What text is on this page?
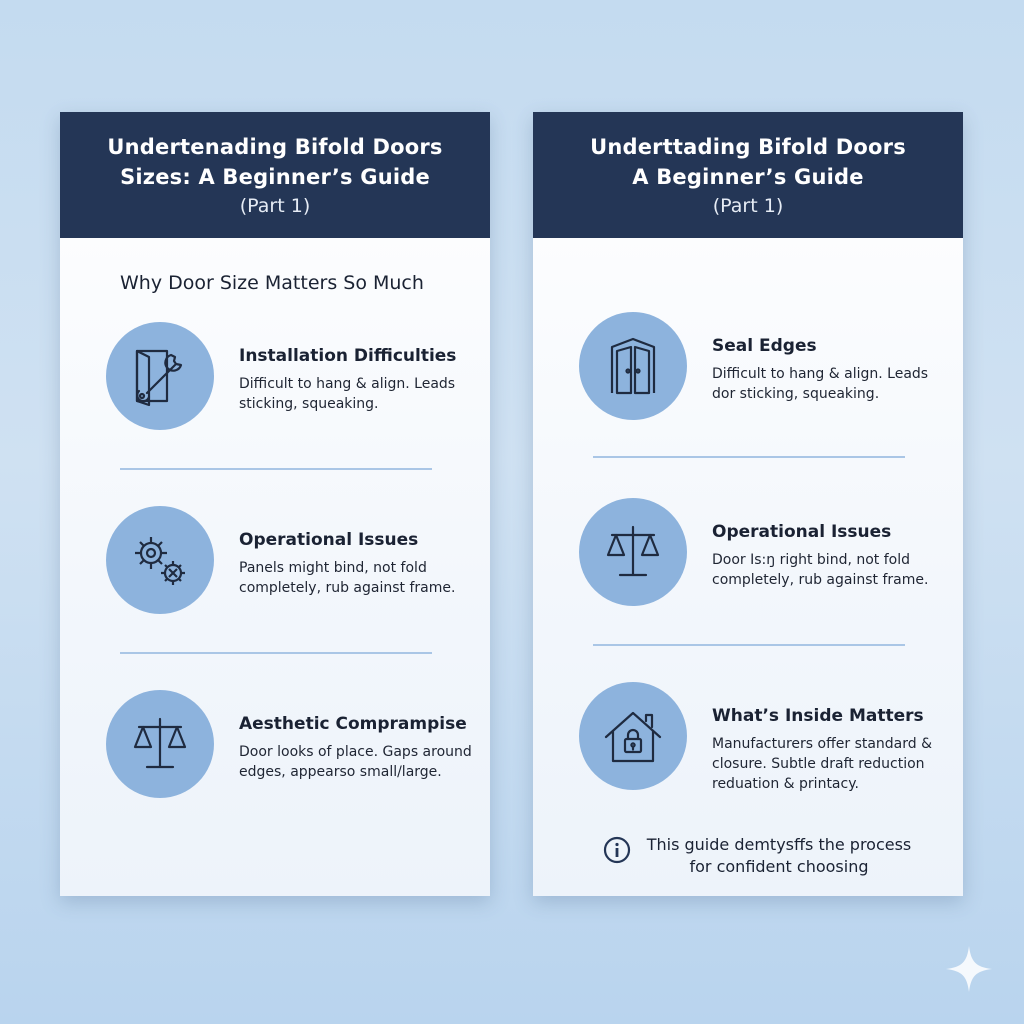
Undertenading Bifold Doors
Sizes: A Beginner’s Guide
(Part 1)
Why Door Size Matters So Much
Installation Difficulties
Difficult to hang & align. Leads sticking, squeaking.
Operational Issues
Panels might bind, not fold completely, rub against frame.
Aesthetic Comprampise
Door looks of place. Gaps around edges, appearso small/large.
Underttading Bifold Doors
A Beginner’s Guide
(Part 1)
Seal Edges
Difficult to hang & align. Leads dor sticking, squeaking.
Operational Issues
Door Is:ŋ right bind, not fold completely, rub against frame.
What’s Inside Matters
Manufacturers offer standard & closure. Subtle draft reduction reduation & printacy.
This guide demtysffs the process for confident choosing
